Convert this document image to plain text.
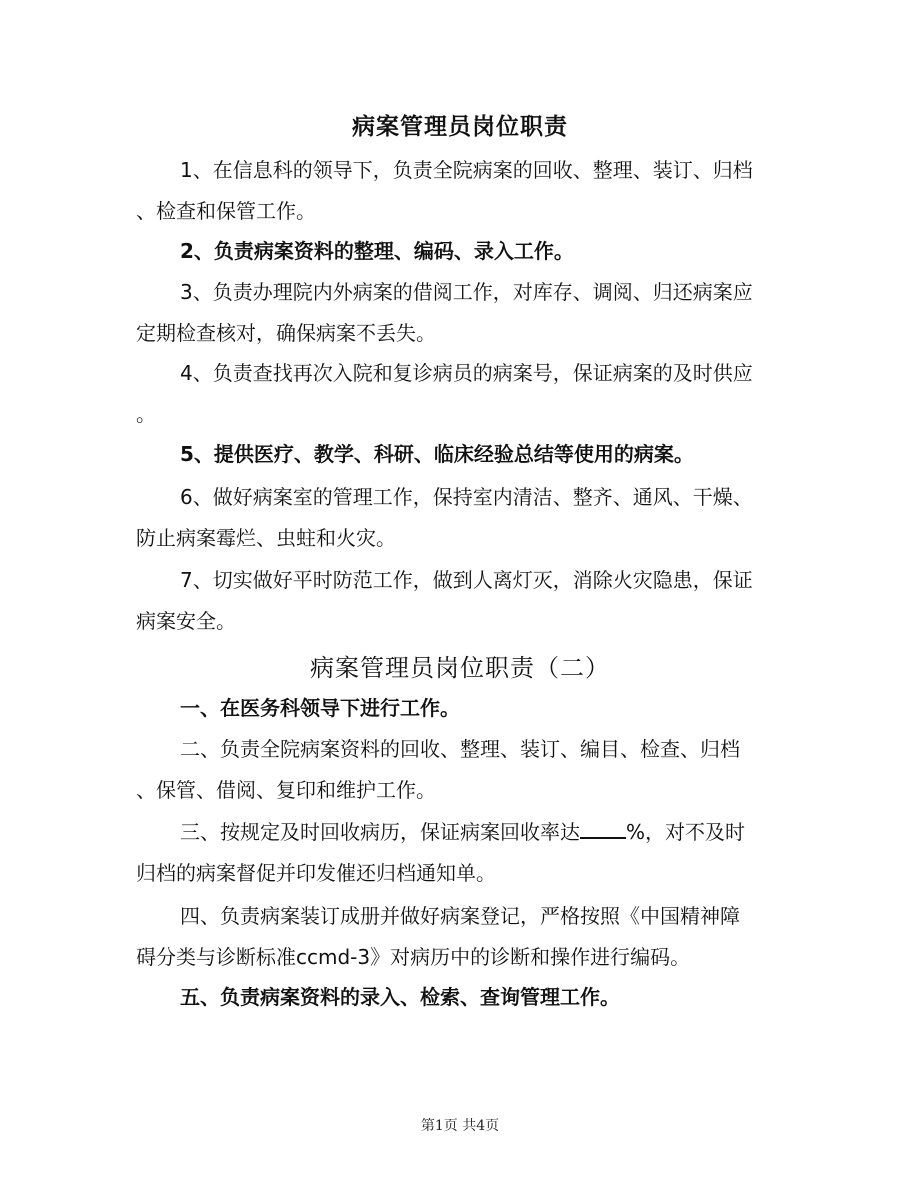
病案管理员岗位职责
1、在信息科的领导下，负责全院病案的回收、整理、装订、归档
、检查和保管工作。
2、负责病案资料的整理、编码、录入工作。
3、负责办理院内外病案的借阅工作，对库存、调阅、归还病案应
定期检查核对，确保病案不丢失。
4、负责查找再次入院和复诊病员的病案号，保证病案的及时供应
。
5、提供医疗、教学、科研、临床经验总结等使用的病案。
6、做好病案室的管理工作，保持室内清洁、整齐、通风、干燥、
防止病案霉烂、虫蛀和火灾。
7、切实做好平时防范工作，做到人离灯灭，消除火灾隐患，保证
病案安全。
病案管理员岗位职责（二）
一、在医务科领导下进行工作。
二、负责全院病案资料的回收、整理、装订、编目、检查、归档
、保管、借阅、复印和维护工作。
三、按规定及时回收病历，保证病案回收率达 %，对不及时
归档的病案督促并印发催还归档通知单。
四、负责病案装订成册并做好病案登记，严格按照《中国精神障
碍分类与诊断标准ccmd-3》对病历中的诊断和操作进行编码。
五、负责病案资料的录入、检索、查询管理工作。
第1页 共4页
